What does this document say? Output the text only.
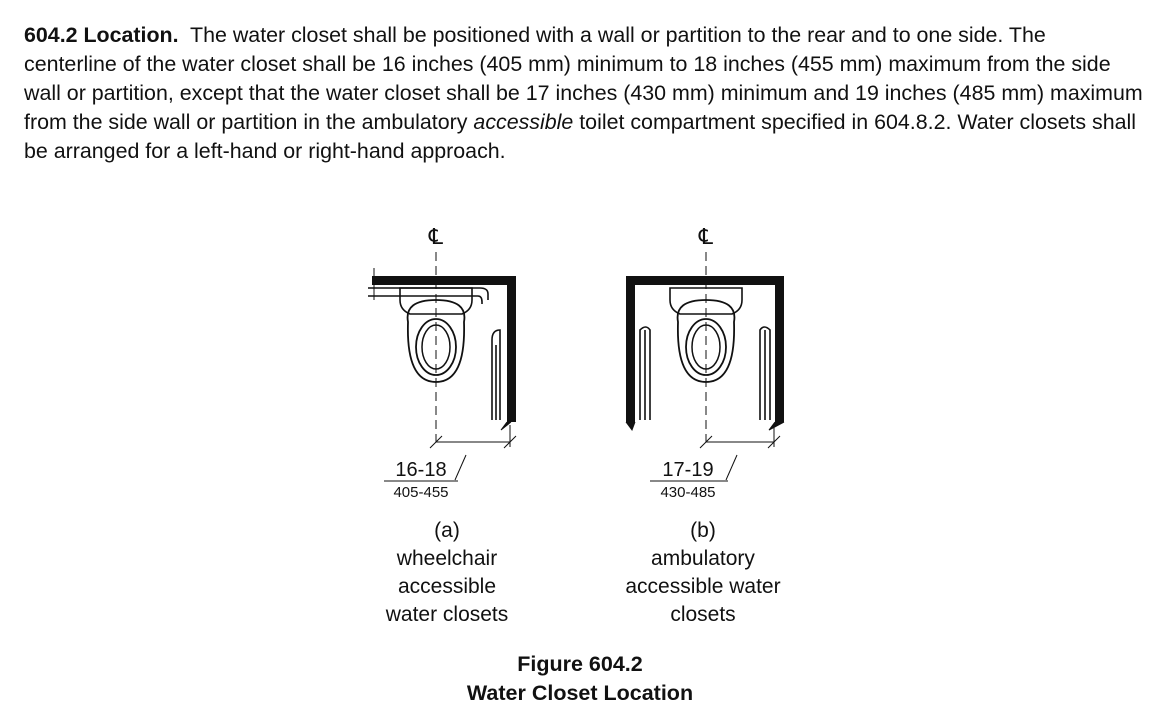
604.2 Location. The water closet shall be positioned with a wall or partition to the rear and to one side. The centerline of the water closet shall be 16 inches (405 mm) minimum to 18 inches (455 mm) maximum from the side wall or partition, except that the water closet shall be 17 inches (430 mm) minimum and 19 inches (485 mm) maximum from the side wall or partition in the ambulatory accessible toilet compartment specified in 604.8.2. Water closets shall be arranged for a left-hand or right-hand approach.

℄
16-18
405-455
℄
17-19
430-485
(a)
wheelchair
accessible
water closets
(b)
ambulatory
accessible water
closets
Figure 604.2
Water Closet Location
